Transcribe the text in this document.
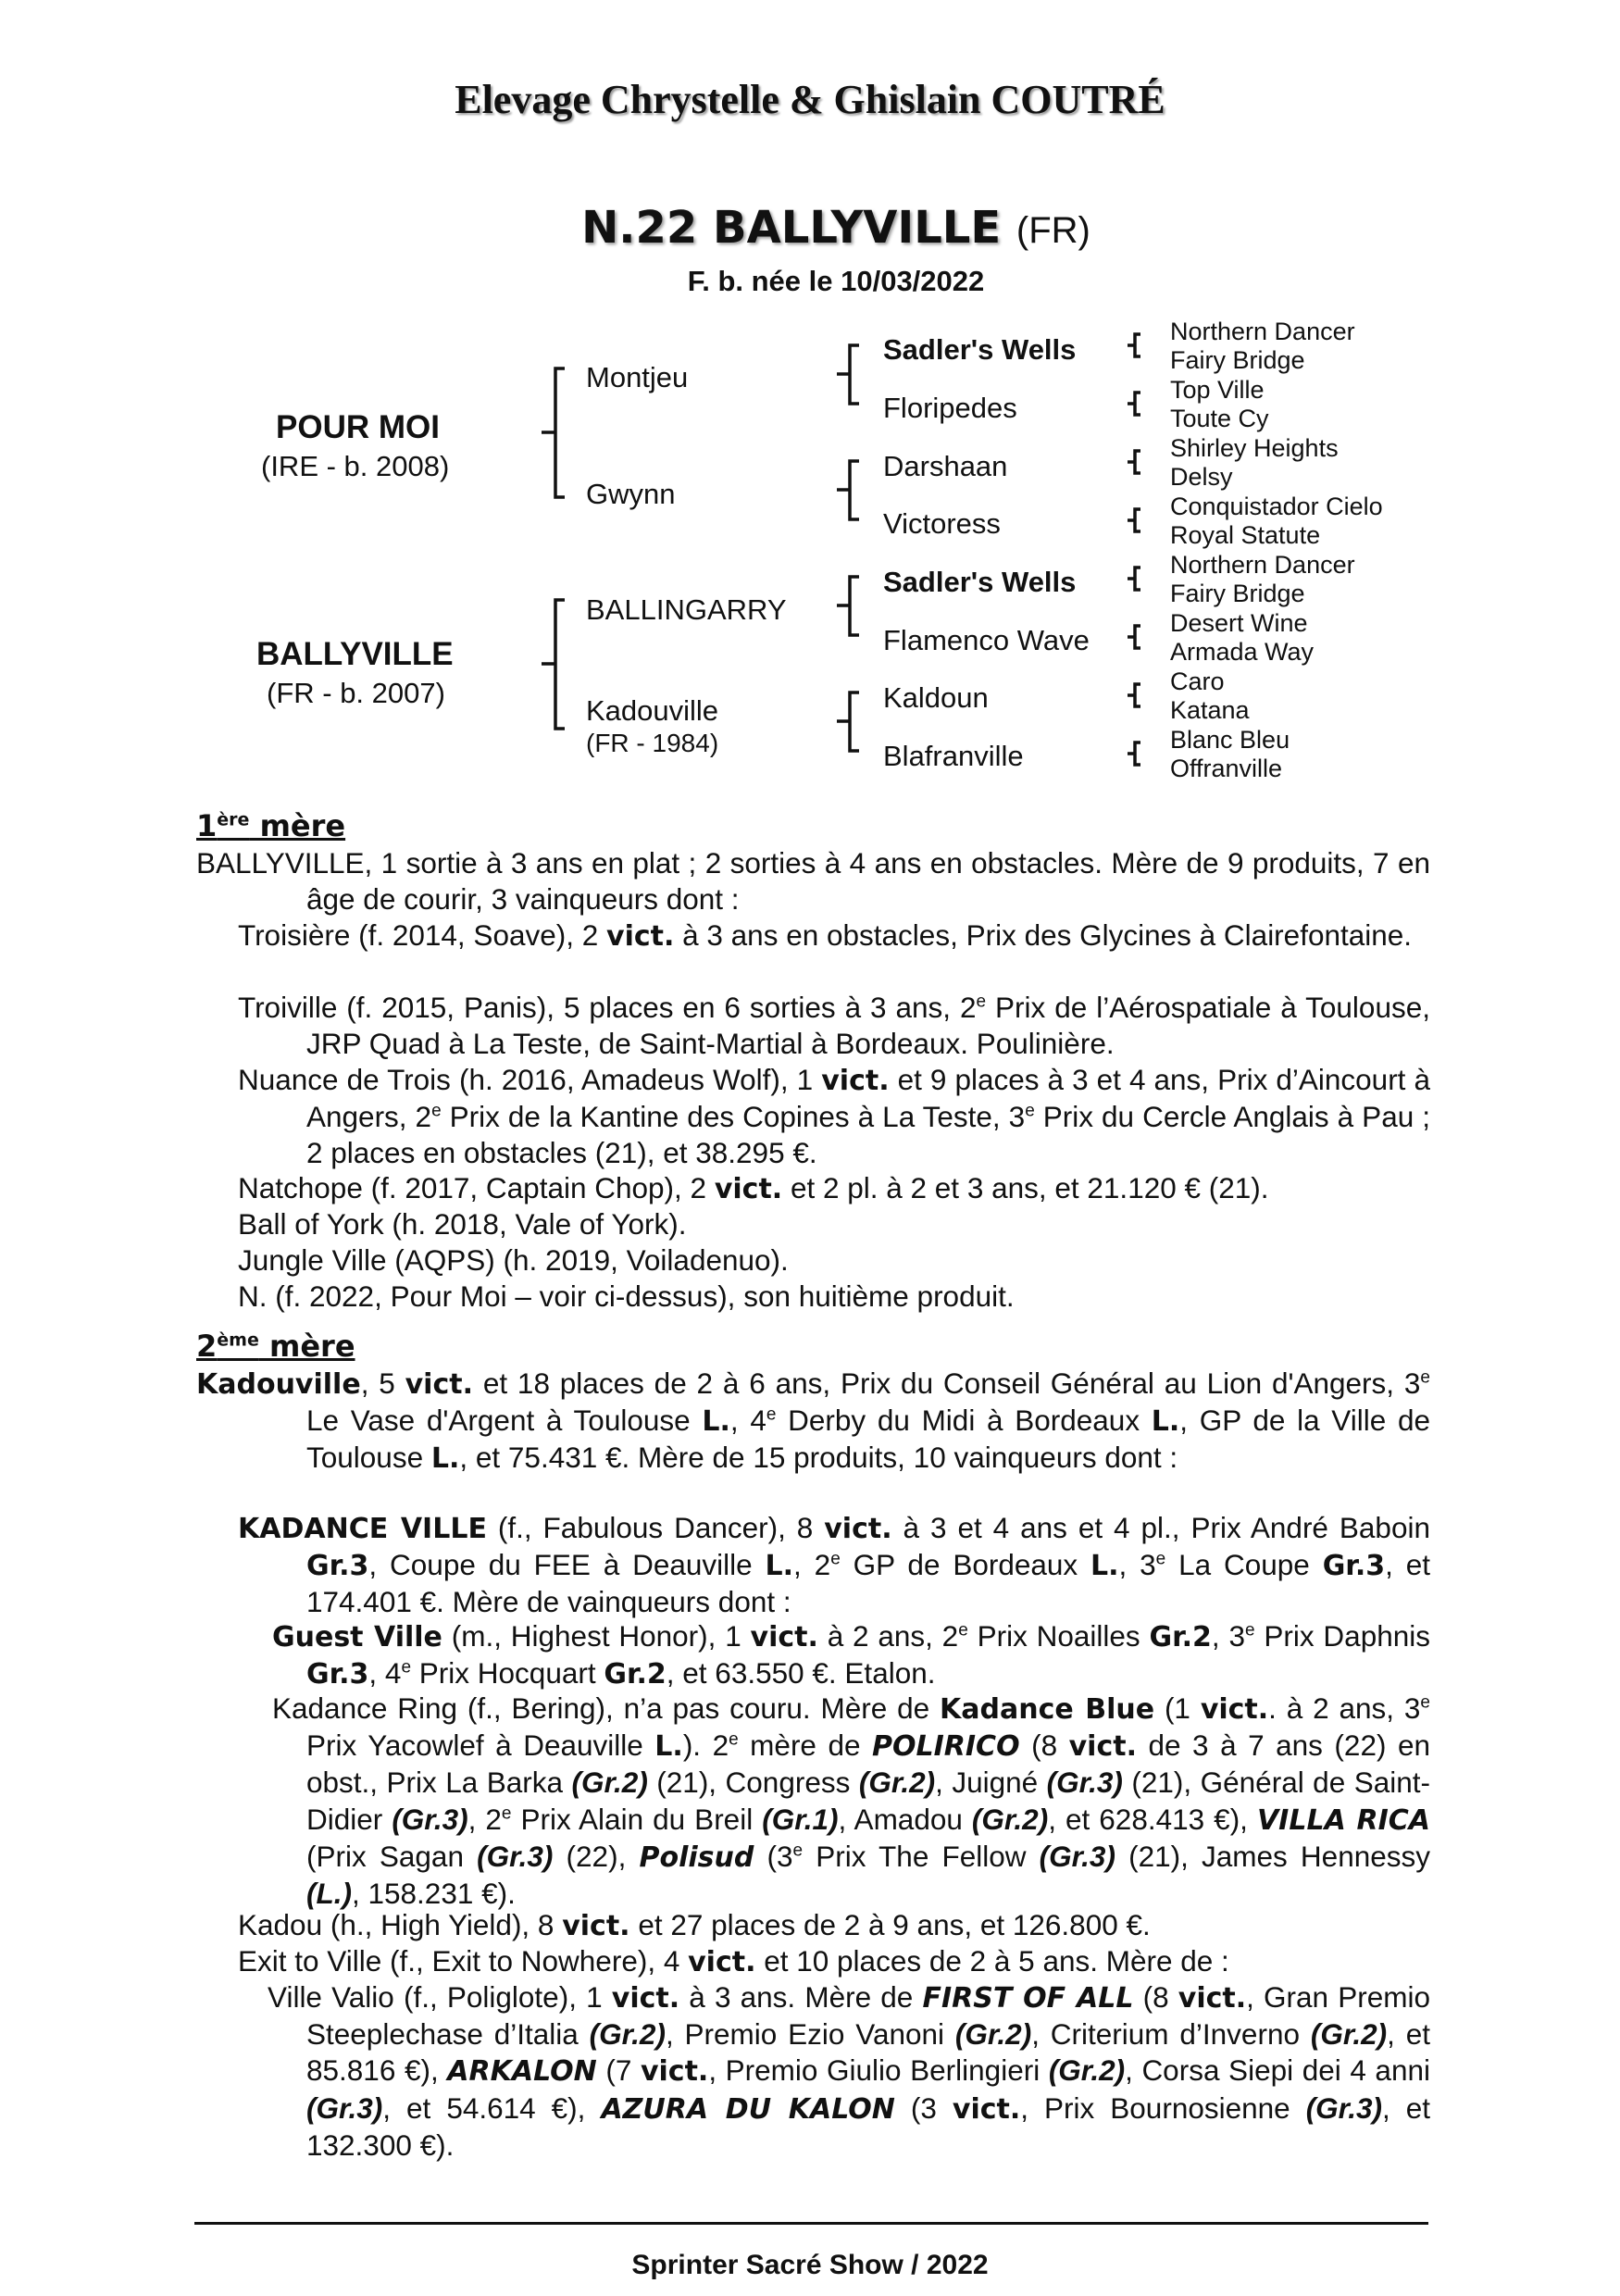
Elevage Chrystelle & Ghislain COUTRÉ
N.22 BALLYVILLE (FR)
F. b. née le 10/03/2022
POUR MOI
(IRE - b. 2008)
BALLYVILLE
(FR - b. 2007)
Montjeu
Gwynn
BALLINGARRY
Kadouville
(FR - 1984)
Sadler's Wells
Floripedes
Darshaan
Victoress
Sadler's Wells
Flamenco Wave
Kaldoun
Blafranville
Northern Dancer
Fairy Bridge
Top Ville
Toute Cy
Shirley Heights
Delsy
Conquistador Cielo
Royal Statute
Northern Dancer
Fairy Bridge
Desert Wine
Armada Way
Caro
Katana
Blanc Bleu
Offranville
1ère mère
2ème mère
BALLYVILLE, 1 sortie à 3 ans en plat ; 2 sorties à 4 ans en obstacles. Mère de 9 produits, 7 en âge de courir, 3 vainqueurs dont :
Troisière (f. 2014, Soave), 2 vict. à 3 ans en obstacles, Prix des Glycines à Clairefontaine.
Troiville (f. 2015, Panis), 5 places en 6 sorties à 3 ans, 2e Prix de l’Aérospatiale à Toulouse, JRP Quad à La Teste, de Saint-Martial à Bordeaux. Poulinière.
Nuance de Trois (h. 2016, Amadeus Wolf), 1 vict. et 9 places à 3 et 4 ans, Prix d’Aincourt à Angers, 2e Prix de la Kantine des Copines à La Teste, 3e Prix du Cercle Anglais à Pau ; 2 places en obstacles (21), et 38.295 €.
Natchope (f. 2017, Captain Chop), 2 vict. et 2 pl. à 2 et 3 ans, et 21.120 € (21).
Ball of York (h. 2018, Vale of York).
Jungle Ville (AQPS) (h. 2019, Voiladenuo).
N. (f. 2022, Pour Moi – voir ci-dessus), son huitième produit.
Kadouville, 5 vict. et 18 places de 2 à 6 ans, Prix du Conseil Général au Lion d'Angers, 3e Le Vase d'Argent à Toulouse L., 4e Derby du Midi à Bordeaux L., GP de la Ville de Toulouse L., et 75.431 €. Mère de 15 produits, 10 vainqueurs dont :
KADANCE VILLE (f., Fabulous Dancer), 8 vict. à 3 et 4 ans et 4 pl., Prix André Baboin Gr.3, Coupe du FEE à Deauville L., 2e GP de Bordeaux L., 3e La Coupe Gr.3, et 174.401 €. Mère de vainqueurs dont :
Guest Ville (m., Highest Honor), 1 vict. à 2 ans, 2e Prix Noailles Gr.2, 3e Prix Daphnis Gr.3, 4e Prix Hocquart Gr.2, et 63.550 €. Etalon.
Kadance Ring (f., Bering), n’a pas couru. Mère de Kadance Blue (1 vict.. à 2 ans, 3e Prix Yacowlef à Deauville L.). 2e mère de POLIRICO (8 vict. de 3 à 7 ans (22) en obst., Prix La Barka (Gr.2) (21), Congress (Gr.2), Juigné (Gr.3) (21), Général de Saint-Didier (Gr.3), 2e Prix Alain du Breil (Gr.1), Amadou (Gr.2), et 628.413 €), VILLA RICA (Prix Sagan (Gr.3) (22), Polisud (3e Prix The Fellow (Gr.3) (21), James Hennessy (L.), 158.231 €).
Kadou (h., High Yield), 8 vict. et 27 places de 2 à 9 ans, et 126.800 €.
Exit to Ville (f., Exit to Nowhere), 4 vict. et 10 places de 2 à 5 ans. Mère de :
Ville Valio (f., Poliglote), 1 vict. à 3 ans. Mère de FIRST OF ALL (8 vict., Gran Premio Steeplechase d’Italia (Gr.2), Premio Ezio Vanoni (Gr.2), Criterium d’Inverno (Gr.2), et 85.816 €), ARKALON (7 vict., Premio Giulio Berlingieri (Gr.2), Corsa Siepi dei 4 anni (Gr.3), et 54.614 €), AZURA DU KALON (3 vict., Prix Bournosienne (Gr.3), et 132.300 €).
Sprinter Sacré Show / 2022
